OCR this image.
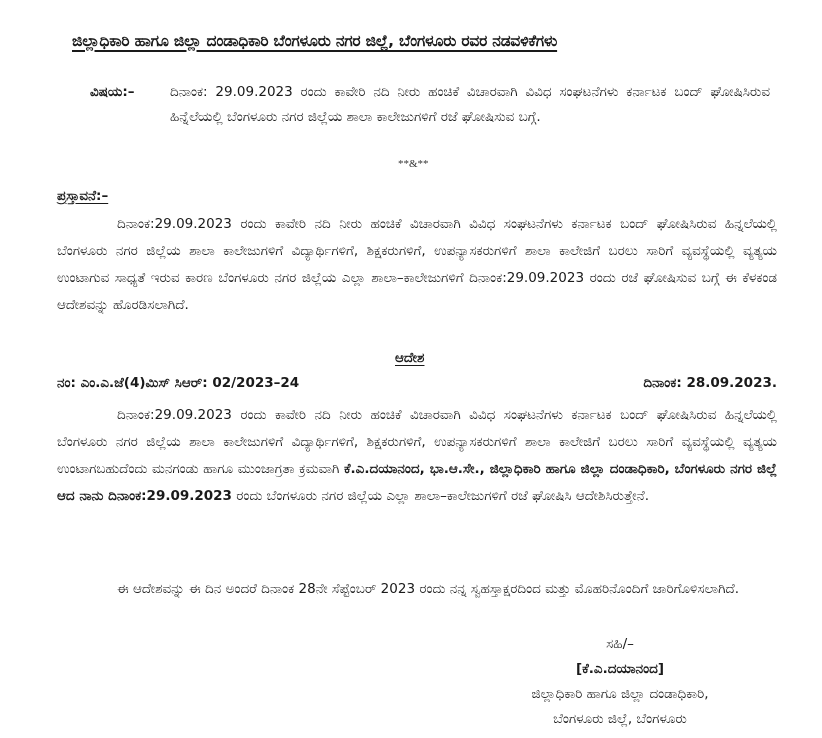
ಜಿಲ್ಲಾಧಿಕಾರಿ ಹಾಗೂ ಜಿಲ್ಲಾ ದಂಡಾಧಿಕಾರಿ ಬೆಂಗಳೂರು ನಗರ ಜಿಲ್ಲೆ, ಬೆಂಗಳೂರು ರವರ ನಡವಳಿಕೆಗಳು
ವಿಷಯ:–	ದಿನಾಂಕ: 29.09.2023 ರಂದು ಕಾವೇರಿ ನದಿ ನೀರು ಹಂಚಿಕೆ ವಿಚಾರವಾಗಿ ವಿವಿಧ ಸಂಘಟನೆಗಳು ಕರ್ನಾಟಕ ಬಂದ್ ಘೋಷಿಸಿರುವ ಹಿನ್ನೆಲೆಯಲ್ಲಿ ಬೆಂಗಳೂರು ನಗರ ಜಿಲ್ಲೆಯ ಶಾಲಾ ಕಾಲೇಜುಗಳಿಗೆ ರಜೆ ಘೋಷಿಸುವ ಬಗ್ಗೆ.
**&**
ಪ್ರಸ್ತಾವನೆ:–
ದಿನಾಂಕ:29.09.2023 ರಂದು ಕಾವೇರಿ ನದಿ ನೀರು ಹಂಚಿಕೆ ವಿಚಾರವಾಗಿ ವಿವಿಧ ಸಂಘಟನೆಗಳು ಕರ್ನಾಟಕ ಬಂದ್ ಘೋಷಿಸಿರುವ ಹಿನ್ನಲೆಯಲ್ಲಿ ಬೆಂಗಳೂರು ನಗರ ಜಿಲ್ಲೆಯ ಶಾಲಾ ಕಾಲೇಜುಗಳಿಗೆ ವಿದ್ಯಾರ್ಥಿಗಳಿಗೆ, ಶಿಕ್ಷಕರುಗಳಿಗೆ, ಉಪನ್ಯಾಸಕರುಗಳಿಗೆ ಶಾಲಾ ಕಾಲೇಜಿಗೆ ಬರಲು ಸಾರಿಗೆ ವ್ಯವಸ್ಥೆಯಲ್ಲಿ ವ್ಯತ್ಯಯ ಉಂಟಾಗುವ ಸಾಧ್ಯತೆ ಇರುವ ಕಾರಣ ಬೆಂಗಳೂರು ನಗರ ಜಿಲ್ಲೆಯ ಎಲ್ಲಾ ಶಾಲಾ–ಕಾಲೇಜುಗಳಿಗೆ ದಿನಾಂಕ:29.09.2023 ರಂದು ರಜೆ ಘೋಷಿಸುವ ಬಗ್ಗೆ ಈ ಕೆಳಕಂಡ ಆದೇಶವನ್ನು ಹೊರಡಿಸಲಾಗಿದೆ.
ಆದೇಶ
ನಂ: ಎಂ.ಎ.ಜೆ(4)ಮಿಸ್ ಸಿಆರ್: 02/2023–24	ದಿನಾಂಕ: 28.09.2023.
ದಿನಾಂಕ:29.09.2023 ರಂದು ಕಾವೇರಿ ನದಿ ನೀರು ಹಂಚಿಕೆ ವಿಚಾರವಾಗಿ ವಿವಿಧ ಸಂಘಟನೆಗಳು ಕರ್ನಾಟಕ ಬಂದ್ ಘೋಷಿಸಿರುವ ಹಿನ್ನಲೆಯಲ್ಲಿ ಬೆಂಗಳೂರು ನಗರ ಜಿಲ್ಲೆಯ ಶಾಲಾ ಕಾಲೇಜುಗಳಿಗೆ ವಿದ್ಯಾರ್ಥಿಗಳಿಗೆ, ಶಿಕ್ಷಕರುಗಳಿಗೆ, ಉಪನ್ಯಾಸಕರುಗಳಿಗೆ ಶಾಲಾ ಕಾಲೇಜಿಗೆ ಬರಲು ಸಾರಿಗೆ ವ್ಯವಸ್ಥೆಯಲ್ಲಿ ವ್ಯತ್ಯಯ ಉಂಟಾಗಬಹುದೆಂದು ಮನಗಂಡು ಹಾಗೂ ಮುಂಜಾಗ್ರತಾ ಕ್ರಮವಾಗಿ ಕೆ.ಎ.ದಯಾನಂದ, ಭಾ.ಆ.ಸೇ., ಜಿಲ್ಲಾಧಿಕಾರಿ ಹಾಗೂ ಜಿಲ್ಲಾ ದಂಡಾಧಿಕಾರಿ, ಬೆಂಗಳೂರು ನಗರ ಜಿಲ್ಲೆ ಆದ ನಾನು ದಿನಾಂಕ:29.09.2023 ರಂದು ಬೆಂಗಳೂರು ನಗರ ಜಿಲ್ಲೆಯ ಎಲ್ಲಾ ಶಾಲಾ–ಕಾಲೇಜುಗಳಿಗೆ ರಜೆ ಘೋಷಿಸಿ ಆದೇಶಿಸಿರುತ್ತೇನೆ.
ಈ ಆದೇಶವನ್ನು ಈ ದಿನ ಅಂದರೆ ದಿನಾಂಕ 28ನೇ ಸೆಪ್ಟೆಂಬರ್ 2023 ರಂದು ನನ್ನ ಸ್ವಹಸ್ತಾಕ್ಷರದಿಂದ ಮತ್ತು ಮೊಹರಿನೊಂದಿಗೆ ಜಾರಿಗೊಳಿಸಲಾಗಿದೆ.
ಸಹಿ/–
[ಕೆ.ಎ.ದಯಾನಂದ]
ಜಿಲ್ಲಾಧಿಕಾರಿ ಹಾಗೂ ಜಿಲ್ಲಾ ದಂಡಾಧಿಕಾರಿ,
ಬೆಂಗಳೂರು ಜಿಲ್ಲೆ, ಬೆಂಗಳೂರು
